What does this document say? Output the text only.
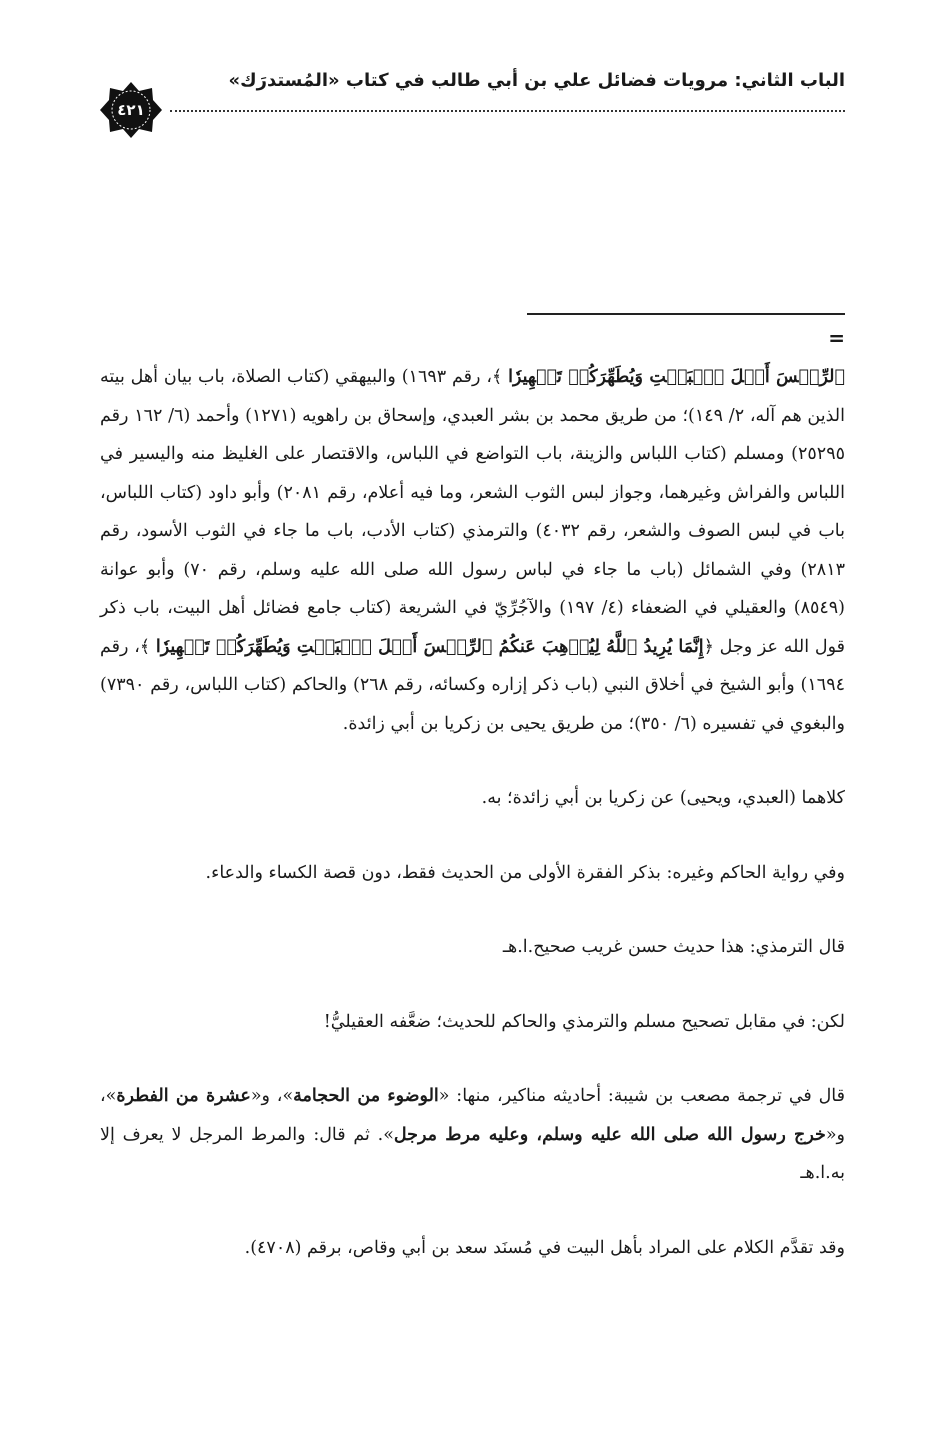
الباب الثاني: مرويات فضائل علي بن أبي طالب في كتاب «المُستدرَك»
٤٢١
=

ٱلرِّجۡسَ أَهۡلَ ٱلۡبَيۡتِ وَيُطَهِّرَكُمۡ تَطۡهِيرٗا ﴾، رقم ١٦٩٣) والبيهقي (كتاب الصلاة، باب بيان أهل بيته الذين هم آله، ٢/ ١٤٩)؛ من طريق محمد بن بشر العبدي، وإسحاق بن راهويه (١٢٧١) وأحمد (٦/ ١٦٢ رقم ٢٥٢٩٥) ومسلم (كتاب اللباس والزينة، باب التواضع في اللباس، والاقتصار على الغليظ منه واليسير في اللباس والفراش وغيرهما، وجواز لبس الثوب الشعر، وما فيه أعلام، رقم ٢٠٨١) وأبو داود (كتاب اللباس، باب في لبس الصوف والشعر، رقم ٤٠٣٢) والترمذي (كتاب الأدب، باب ما جاء في الثوب الأسود، رقم ٢٨١٣) وفي الشمائل (باب ما جاء في لباس رسول الله صلى الله عليه وسلم، رقم ٧٠) وأبو عوانة (٨٥٤٩) والعقيلي في الضعفاء (٤/ ١٩٧) والآجُرِّيّ في الشريعة (كتاب جامع فضائل أهل البيت، باب ذكر قول الله عز وجل ﴿إِنَّمَا يُرِيدُ ٱللَّهُ لِيُذۡهِبَ عَنكُمُ ٱلرِّجۡسَ أَهۡلَ ٱلۡبَيۡتِ وَيُطَهِّرَكُمۡ تَطۡهِيرٗا ﴾، رقم ١٦٩٤) وأبو الشيخ في أخلاق النبي (باب ذكر إزاره وكسائه، رقم ٢٦٨) والحاكم (كتاب اللباس، رقم ٧٣٩٠) والبغوي في تفسيره (٦/ ٣٥٠)؛ من طريق يحيى بن زكريا بن أبي زائدة.

كلاهما (العبدي، ويحيى) عن زكريا بن أبي زائدة؛ به.

وفي رواية الحاكم وغيره: بذكر الفقرة الأولى من الحديث فقط، دون قصة الكساء والدعاء.

قال الترمذي: هذا حديث حسن غريب صحيح.ا.هـ

لكن: في مقابل تصحيح مسلم والترمذي والحاكم للحديث؛ ضعَّفه العقيليُّ!

قال في ترجمة مصعب بن شيبة: أحاديثه مناكير، منها: «الوضوء من الحجامة»، و«عشرة من الفطرة»، و«خرج رسول الله صلى الله عليه وسلم، وعليه مرط مرجل». ثم قال: والمرط المرجل لا يعرف إلا به.ا.هـ

وقد تقدَّم الكلام على المراد بأهل البيت في مُسنَد سعد بن أبي وقاص، برقم (٤٧٠٨).
